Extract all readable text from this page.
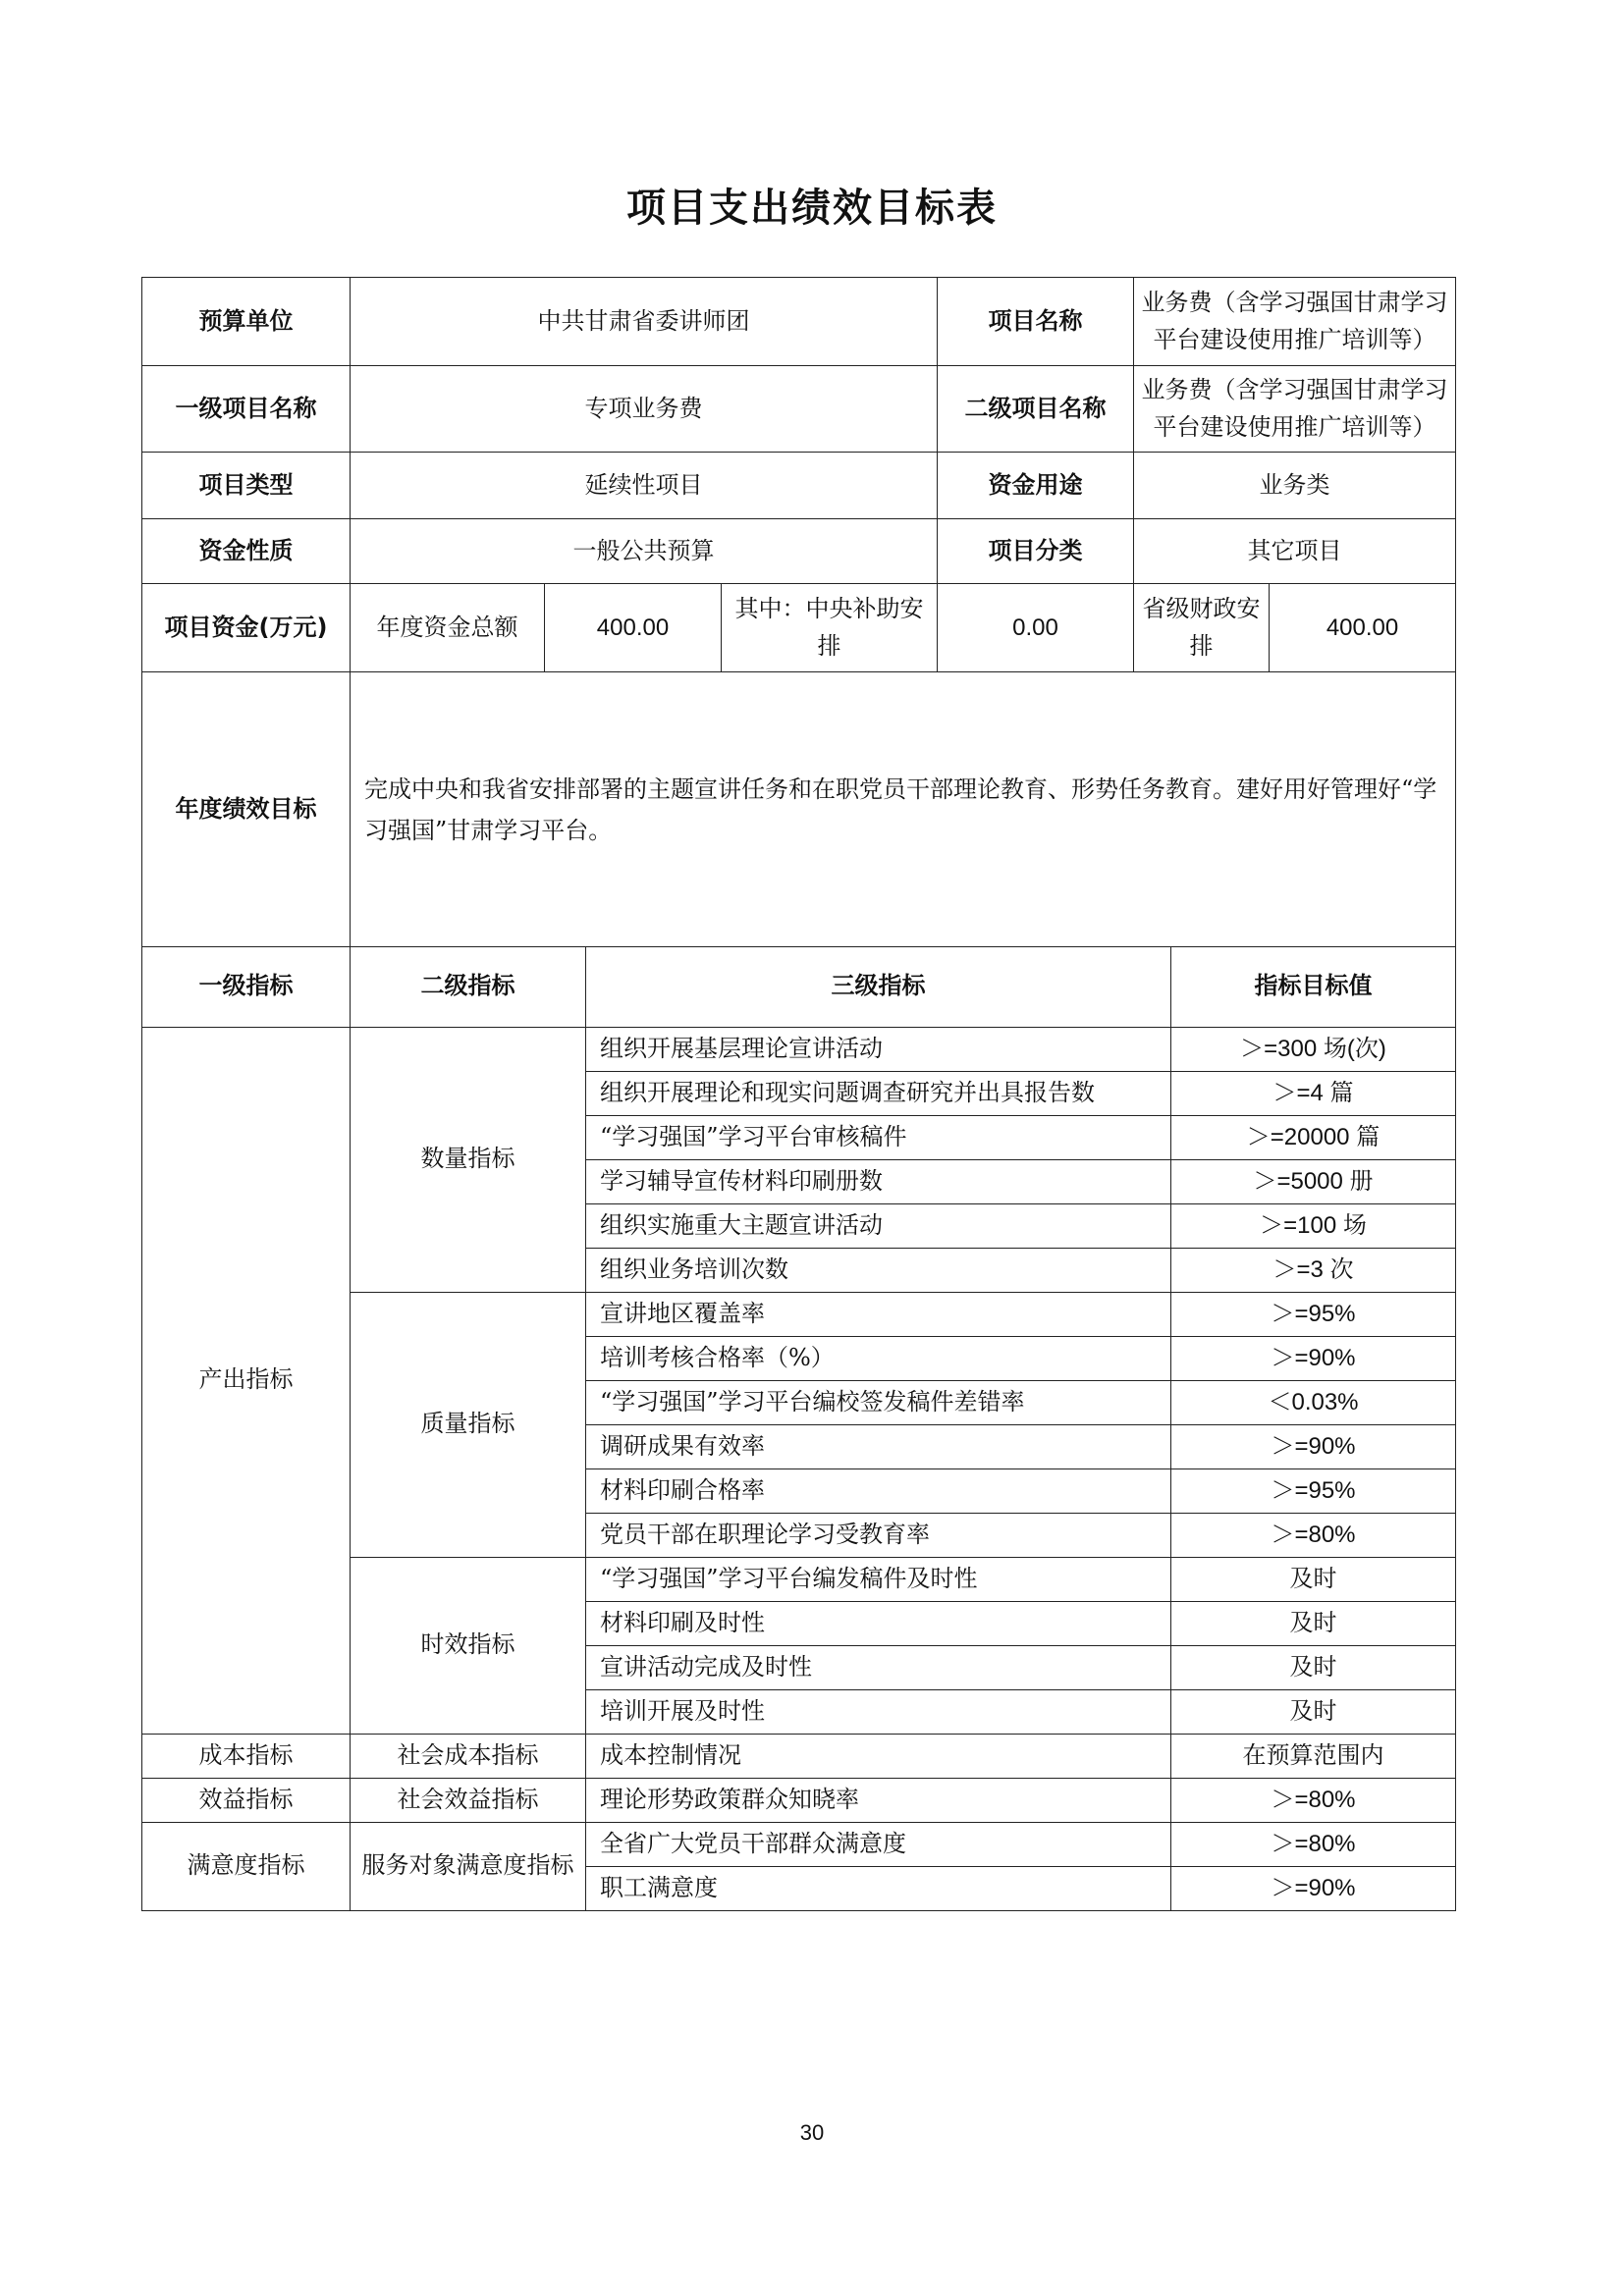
项目支出绩效目标表
预算单位	中共甘肃省委讲师团			项目名称	业务费（含学习强国甘肃学习平台建设使用推广培训等）	
一级项目名称	专项业务费			二级项目名称	业务费（含学习强国甘肃学习平台建设使用推广培训等）	
项目类型	延续性项目			资金用途	业务类	
资金性质	一般公共预算			项目分类	其它项目	
项目资金(万元)	年度资金总额	400.00	其中：中央补助安排	0.00	省级财政安排	400.00
年度绩效目标	完成中央和我省安排部署的主题宣讲任务和在职党员干部理论教育、形势任务教育。建好用好管理好“学习强国”甘肃学习平台。					
一级指标	二级指标	三级指标	指标目标值
产出指标	数量指标	组织开展基层理论宣讲活动	＞=300 场(次)
		组织开展理论和现实问题调查研究并出具报告数	＞=4 篇
		“学习强国”学习平台审核稿件	＞=20000 篇
		学习辅导宣传材料印刷册数	＞=5000 册
		组织实施重大主题宣讲活动	＞=100 场
		组织业务培训次数	＞=3 次
	质量指标	宣讲地区覆盖率	＞=95%
		培训考核合格率（%）	＞=90%
		“学习强国”学习平台编校签发稿件差错率	＜0.03%
		调研成果有效率	＞=90%
		材料印刷合格率	＞=95%
		党员干部在职理论学习受教育率	＞=80%
	时效指标	“学习强国”学习平台编发稿件及时性	及时
		材料印刷及时性	及时
		宣讲活动完成及时性	及时
		培训开展及时性	及时
成本指标	社会成本指标	成本控制情况	在预算范围内
效益指标	社会效益指标	理论形势政策群众知晓率	＞=80%
满意度指标	服务对象满意度指标	全省广大党员干部群众满意度	＞=80%
		职工满意度	＞=90%
30
